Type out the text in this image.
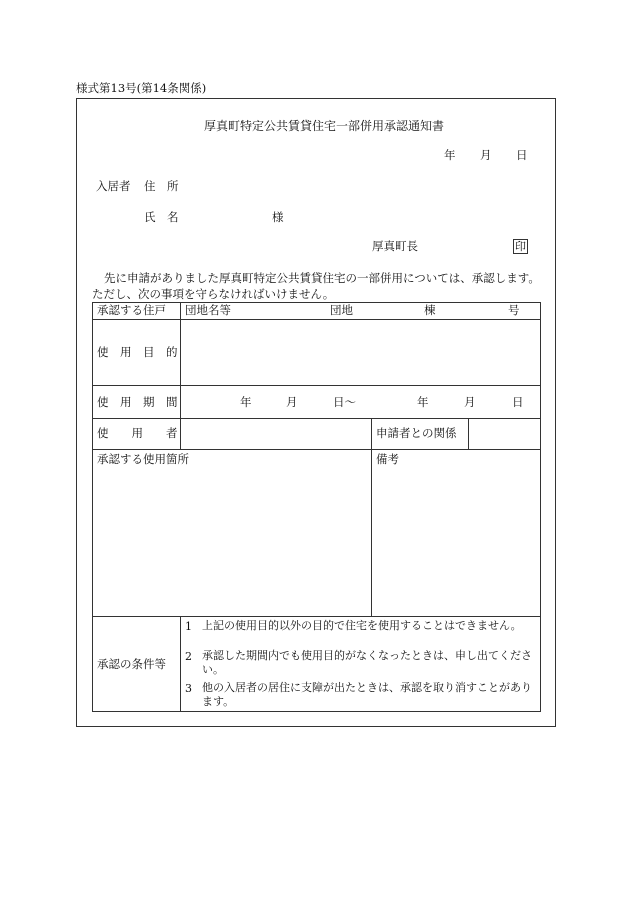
様式第13号(第14条関係)
厚真町特定公共賃貸住宅一部併用承認通知書
年 月 日
入居者 住　所
氏　名	様
厚真町長	印
先に申請がありました厚真町特定公共賃貸住宅の一部併用については、承認します。
ただし、次の事項を守らなければいけません。
承認する住戸 団地名等	団地	棟	号
使　用　目　的
使　用　期　間	年	月	日〜	年	月	日
使　　用　　者	申請者との関係
承認する使用箇所	備考
承認の条件等
1 上記の使用目的以外の目的で住宅を使用することはできません。
2 承認した期間内でも使用目的がなくなったときは、申し出てください。
3 他の入居者の居住に支障が出たときは、承認を取り消すことがあります。
